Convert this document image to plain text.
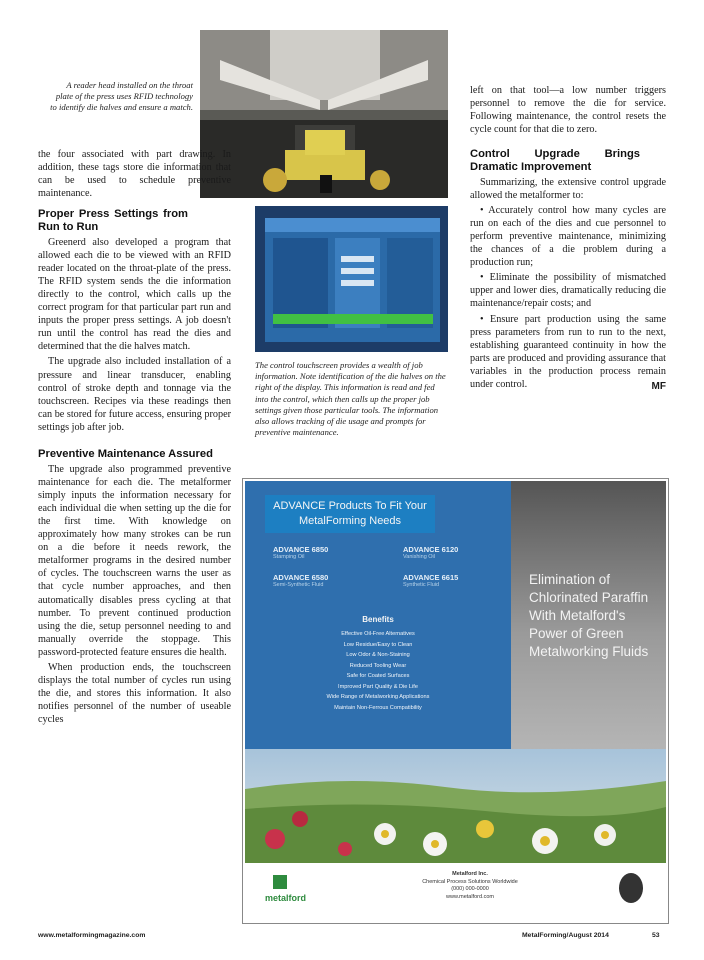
A reader head installed on the throat plate of the press uses RFID technology to identify die halves and ensure a match.
The control touchscreen provides a wealth of job information. Note identification of the die halves on the right of the display. This information is read and fed into the control, which then calls up the proper job settings given those particular tools. The information also allows tracking of die usage and prompts for preventive maintenance.

the four associated with part drawing. In addition, these tags store die information that can be used to schedule preventive maintenance.

Proper Press Settings from Run to Run

Greenerd also developed a program that allowed each die to be viewed with an RFID reader located on the throat-plate of the press. The RFID system sends the die information directly to the control, which calls up the correct program for that particular part run and inputs the proper press settings. A job doesn't run until the control has read the dies and determined that the die halves match.

The upgrade also included installation of a pressure and linear transducer, enabling control of stroke depth and tonnage via the touchscreen. Recipes via these readings then can be stored for future access, ensuring proper settings job after job.

Preventive Maintenance Assured

The upgrade also programmed preventive maintenance for each die. The metalformer simply inputs the information necessary for each individual die when setting up the die for the first time. With knowledge on approximately how many strokes can be run on a die before it needs rework, the metalformer programs in the desired number of cycles. The touchscreen warns the user as that cycle number approaches, and then automatically disables press cycling at that number. To prevent continued production using the die, setup personnel needing to and manually override the stoppage. This password-protected feature ensures die health.

When production ends, the touchscreen displays the total number of cycles run using the die, and stores this information. It also notifies personnel of the number of useable cycles

left on that tool—a low number triggers personnel to remove the die for service. Following maintenance, the control resets the cycle count for that die to zero.

Control Upgrade Brings Dramatic Improvement

Summarizing, the extensive control upgrade allowed the metalformer to:

• Accurately control how many cycles are run on each of the dies and cue personnel to perform preventive maintenance, minimizing the chances of a die problem during a production run;

• Eliminate the possibility of mismatched upper and lower dies, dramatically reducing die maintenance/repair costs; and

• Ensure part production using the same press parameters from run to run to the next, establishing guaranteed continuity in how the parts are produced and providing assurance that variables in the production process remain under control.	MF
Elimination of Chlorinated Paraffin With Metalford's Power of Green Metalworking Fluids
ADVANCE Products To Fit Your
MetalForming Needs
ADVANCE 6850
Stamping Oil
ADVANCE 6120
Vanishing Oil
ADVANCE 6580
Semi-Synthetic Fluid
ADVANCE 6615
Synthetic Fluid
Benefits
Effective Oil-Free Alternatives
Low Residue/Easy to Clean
Low Odor & Non-Staining
Reduced Tooling Wear
Safe for Coated Surfaces
Improved Part Quality & Die Life
Wide Range of Metalworking Applications
Maintain Non-Ferrous Compatibility
metalford
Metalford Inc.
Chemical Process Solutions Worldwide
(000) 000-0000
www.metalford.com
www.metalformingmagazine.com	MetalForming/August 2014	53
